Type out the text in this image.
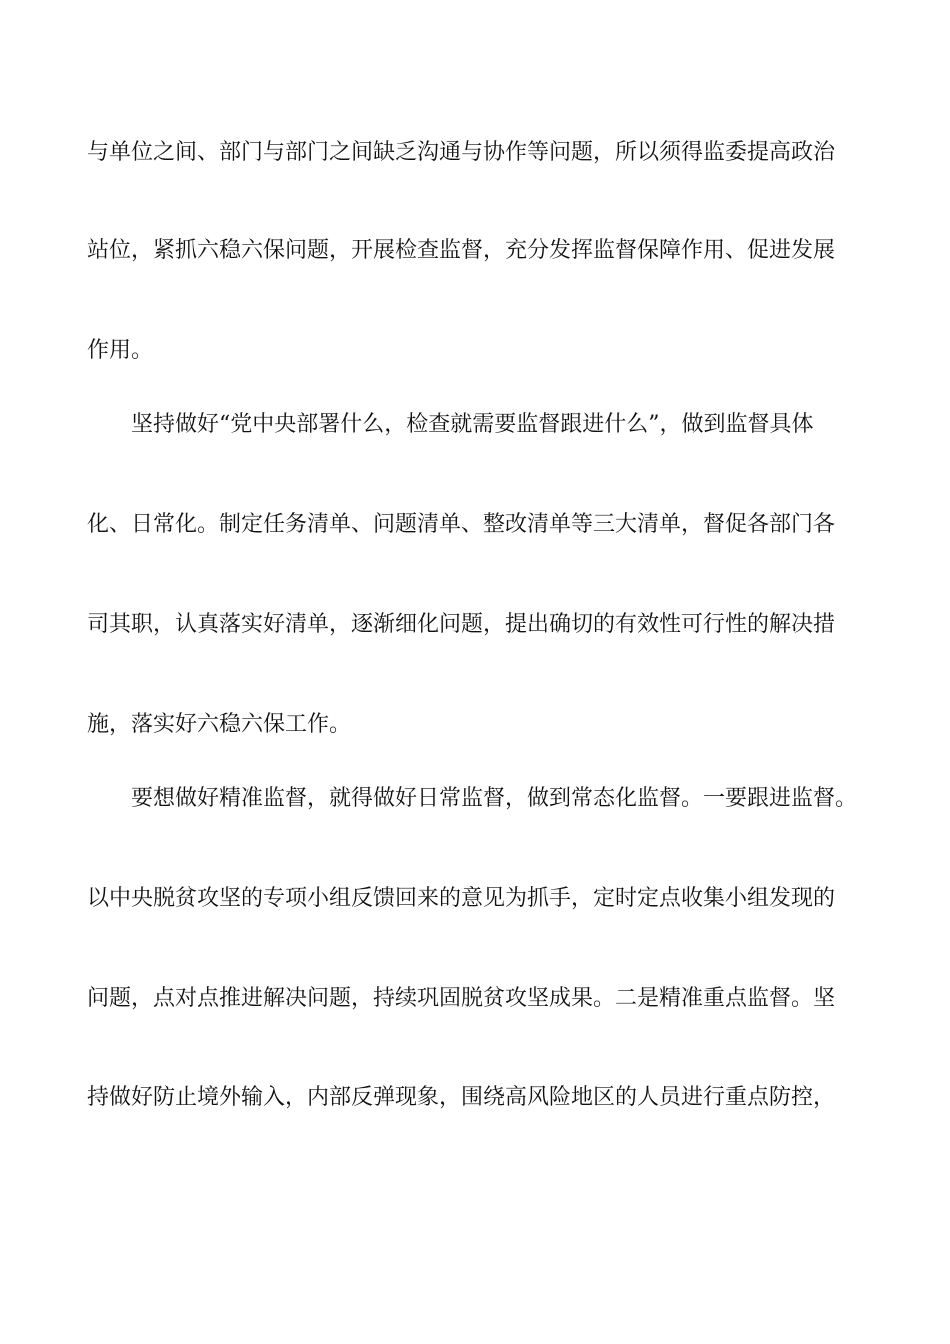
与单位之间、部门与部门之间缺乏沟通与协作等问题，所以须得监委提高政治
站位，紧抓六稳六保问题，开展检查监督，充分发挥监督保障作用、促进发展
作用。
坚持做好“党中央部署什么，检查就需要监督跟进什么”，做到监督具体
化、日常化。制定任务清单、问题清单、整改清单等三大清单，督促各部门各
司其职，认真落实好清单，逐渐细化问题，提出确切的有效性可行性的解决措
施，落实好六稳六保工作。
要想做好精准监督，就得做好日常监督，做到常态化监督。一要跟进监督。
以中央脱贫攻坚的专项小组反馈回来的意见为抓手，定时定点收集小组发现的
问题，点对点推进解决问题，持续巩固脱贫攻坚成果。二是精准重点监督。坚
持做好防止境外输入，内部反弹现象，围绕高风险地区的人员进行重点防控，
